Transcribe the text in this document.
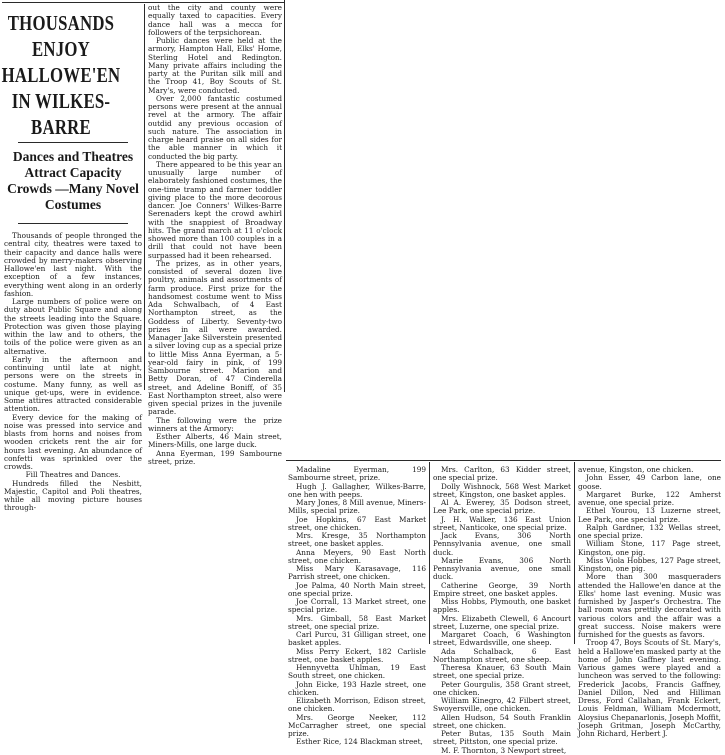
THOUSANDS ENJOY HALLOWE'EN IN WILKES-BARRE
Dances and Theatres Attract Capacity Crowds —Many Novel Costumes

Thousands of people thronged the central city, theatres were taxed to their capacity and dance halls were crowded by merry-makers observing Hallowe'en last night. With the exception of a few instances, everything went along in an orderly fashion.

Large numbers of police were on duty about Public Square and along the streets leading into the Square. Protection was given those playing within the law and to others, the toils of the police were given as an alternative.

Early in the afternoon and continuing until late at night, persons were on the streets in costume. Many funny, as well as unique get-ups, were in evidence. Some attires attracted considerable attention.

Every device for the making of noise was pressed into service and blasts from horns and noises from wooden crickets rent the air for hours last evening. An abundance of confetti was sprinkled over the crowds.

Fill Theatres and Dances.

Hundreds filled the Nesbitt, Majestic, Capitol and Poli theatres, while all moving picture houses through-

out the city and county were equally taxed to capacities. Every dance hall was a mecca for followers of the terpsichorean.

Public dances were held at the armory, Hampton Hall, Elks' Home, Sterling Hotel and Redington. Many private affairs including the party at the Puritan silk mill and the Troop 41, Boy Scouts of St. Mary's, were conducted.

Over 2,000 fantastic costumed persons were present at the annual revel at the armory. The affair outdid any previous occasion of such nature. The association in charge heard praise on all sides for the able manner in which it conducted the big party.

There appeared to be this year an unusually large number of elaborately fashioned costumes, the one-time tramp and farmer toddler giving place to the more decorous dancer. Joe Conners' Wilkes-Barre Serenaders kept the crowd awhirl with the snappiest of Broadway hits. The grand march at 11 o'clock showed more than 100 couples in a drill that could not have been surpassed had it been rehearsed.

The prizes, as in other years, consisted of several dozen live poultry, animals and assortments of farm produce. First prize for the handsomest costume went to Miss Ada Schwalbach, of 4 East Northampton street, as the Goddess of Liberty. Seventy-two prizes in all were awarded. Manager Jake Silverstein presented a silver loving cup as a special prize to little Miss Anna Eyerman, a 5-year-old fairy in pink, of 199 Sambourne street. Marion and Betty Doran, of 47 Cinderella street, and Adeline Boniff, of 35 East Northampton street, also were given special prizes in the juvenile parade.

The following were the prize winners at the Armory:

Esther Alberts, 46 Main street, Miners-Mills, one large duck.

Anna Eyerman, 199 Sambourne street, prize.

Madaline Eyerman, 199 Sambourne street, prize.

Hugh J. Gallagher, Wilkes-Barre, one hen with peeps.

Mary Jones, 8 Mill avenue, Miners-Mills, special prize.

Joe Hopkins, 67 East Market street, one chicken.

Mrs. Kresge, 35 Northampton street, one basket apples.

Anna Meyers, 90 East North street, one chicken.

Miss Mary Karasavage, 116 Parrish street, one chicken.

Joe Palma, 40 North Main street, one special prize.

Joe Corrall, 13 Market street, one special prize.

Mrs. Gimball, 58 East Market street, one special prize.

Carl Purcu, 31 Gilligan street, one basket apples.

Miss Perry Eckert, 182 Carlisle street, one basket apples.

Hennyvetta Uhlman, 19 East South street, one chicken.

John Eicke, 193 Hazle street, one chicken.

Elizabeth Morrison, Edison street, one chicken.

Mrs. George Neeker, 112 McCarragher street, one special prize.

Esther Rice, 124 Blackman street,

Mrs. Carlton, 63 Kidder street, one special prize.

Dolly Wishnock, 568 West Market street, Kingston, one basket apples.

Al A. Ewerey, 35 Dodson street, Lee Park, one special prize.

J. H. Walker, 136 East Union street, Nanticoke, one special prize.

Jack Evans, 306 North Pennsylvania avenue, one small duck.

Marie Evans, 306 North Pennsylvania avenue, one small duck.

Catherine George, 39 North Empire street, one basket apples.

Miss Hobbs, Plymouth, one basket apples.

Mrs. Elizabeth Clewell, 6 Ancourt street, Luzerne, one special prize.

Margaret Coach, 6 Washington street, Edwardsville, one sheep.

Ada Schalback, 6 East Northampton street, one sheep.

Theresa Knauer, 63 South Main street, one special prize.

Peter Gourgulis, 358 Grant street, one chicken.

William Kinegro, 42 Filbert street, Swoyersville, one chicken.

Allen Hudson, 54 South Franklin street, one chicken.

Peter Butas, 135 South Main street, Pittston, one special prize.

M. F. Thornton, 3 Newport street,

avenue, Kingston, one chicken.

John Esser, 49 Carbon lane, one goose.

Margaret Burke, 122 Amherst avenue, one special prize.

Ethel Yourou, 13 Luzerne street, Lee Park, one special prize.

Ralph Gardner, 132 Wellas street, one special prize.

William Stone, 117 Page street, Kingston, one pig.

Miss Viola Hobbes, 127 Page street, Kingston, one pig.

More than 300 masqueraders attended the Hallowe'en dance at the Elks' home last evening. Music was furnished by Jasper's Orchestra. The ball room was prettily decorated with various colors and the affair was a great success. Noise makers were furnished for the guests as favors.

Troop 47, Boys Scouts of St. Mary's, held a Hallowe'en masked party at the home of John Gaffney last evening. Various games were played and a luncheon was served to the following: Frederick Jacobs, Francis Gaffney, Daniel Dillon, Ned and Hilliman Dress, Ford Callahan, Frank Eckert, Louis Feldman, William Mcdermott, Aloysius Chepanarlonis, Joseph Moffit, Joseph Gritman, Joseph McCarthy, John Richard, Herbert J.
